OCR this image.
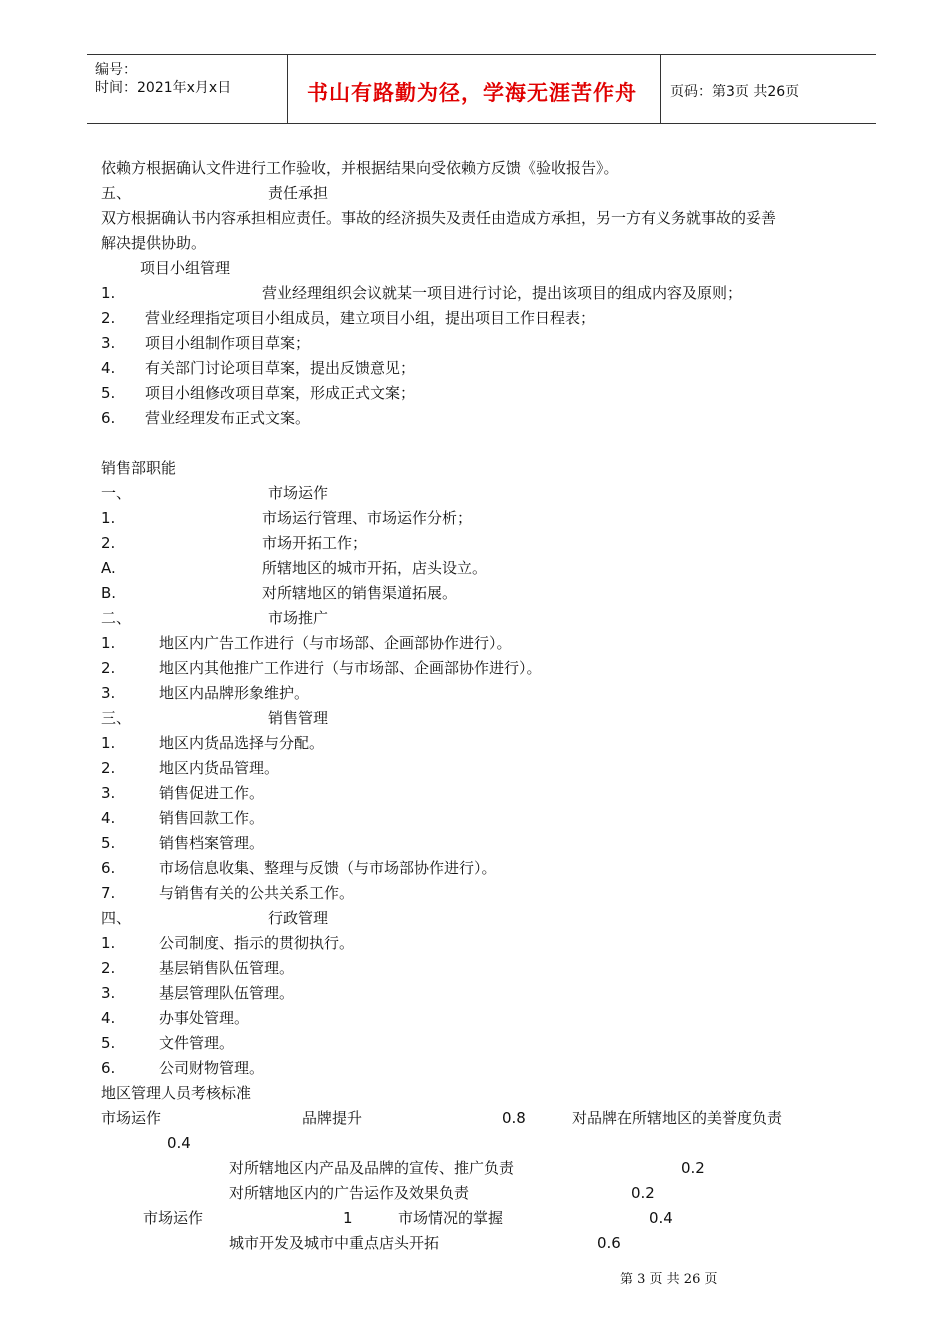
编号：
时间：2021年x月x日	书山有路勤为径，学海无涯苦作舟 页码：第3页 共26页
依赖方根据确认文件进行工作验收，并根据结果向受依赖方反馈《验收报告》。
五、	责任承担
双方根据确认书内容承担相应责任。事故的经济损失及责任由造成方承担，另一方有义务就事故的妥善
解决提供协助。
项目小组管理
1.	营业经理组织会议就某一项目进行讨论，提出该项目的组成内容及原则；
2. 营业经理指定项目小组成员，建立项目小组，提出项目工作日程表；
3. 项目小组制作项目草案；
4. 有关部门讨论项目草案，提出反馈意见；
5. 项目小组修改项目草案，形成正式文案；
6. 营业经理发布正式文案。
销售部职能
一、	市场运作
1.	市场运行管理、市场运作分析；
2.	市场开拓工作；
A.	所辖地区的城市开拓，店头设立。
B.	对所辖地区的销售渠道拓展。
二、	市场推广
1.	地区内广告工作进行（与市场部、企画部协作进行）。
2.	地区内其他推广工作进行（与市场部、企画部协作进行）。
3.	地区内品牌形象维护。
三、	销售管理
1.	地区内货品选择与分配。
2.	地区内货品管理。
3.	销售促进工作。
4.	销售回款工作。
5.	销售档案管理。
6.	市场信息收集、整理与反馈（与市场部协作进行）。
7.	与销售有关的公共关系工作。
四、	行政管理
1.	公司制度、指示的贯彻执行。
2.	基层销售队伍管理。
3.	基层管理队伍管理。
4.	办事处管理。
5.	文件管理。
6.	公司财物管理。
地区管理人员考核标准
市场运作	品牌提升	0.8	对品牌在所辖地区的美誉度负责
0.4
对所辖地区内产品及品牌的宣传、推广负责	0.2
对所辖地区内的广告运作及效果负责	0.2
市场运作	1	市场情况的掌握	0.4
城市开发及城市中重点店头开拓	0.6
第 3 页 共 26 页
